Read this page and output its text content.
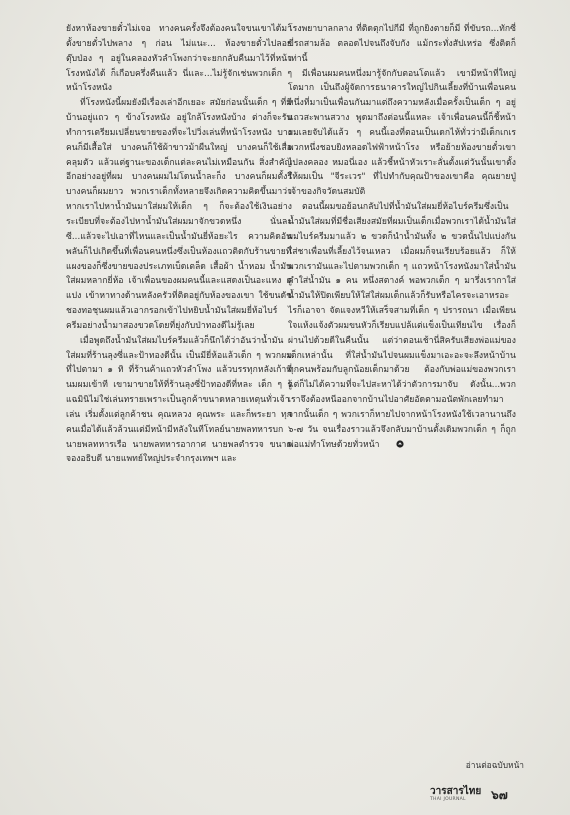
ยังหาห้องขายตั๋วไม่เจอ ทางคนครั้งจึงต้องคนใจขนเขาได้มาตั้งขายตั๋วไปพลาง ๆ ก่อน ไม่แนะ... ห้องขายตั๋วไปลอยตุ๊บป่อง ๆ อยู่ในคลองหัวลำโพงกว่าจะยกกลับคืนมาไว้ที่หน้าโรงหนังได้ ก็เกือบครึ่งคืนแล้ว นี่และ...ไม่รู้จักเช่นพวกเด็ก ๆ หน้าโรงหนัง

ที่โรงหนังนี้ผมยังมีเรื่องเล่าอีกเยอะ สมัยก่อนนั้นเด็ก ๆ ที่มีบ้านอยู่แถว ๆ ข้างโรงหนัง อยู่ใกล้โรงหนังบ้าง ต่างก็จะรับทำการเตรียมเปลี่ยนขายของที่จะไปวิ่งเล่นที่หน้าโรงหนัง บางคนก็มีเสื้อใส่ บางคนก็ใช้ผ้าขาวม้าผืนใหญ่ บางคนก็ใช้เสื่อคลุมตัว แล้วแต่ฐานะของเด็กแต่ละคนไม่เหมือนกัน สิ่งสำคัญอีกอย่างอยู่ที่ผม บางคนผมไม่โดนน้ำละก็ง บางคนก็ผมตั้งรึ บางคนก็ผมยาว พวกเราเด็กทั้งหลายจึงเกิดความคิดขึ้นมาว่าหากเราไปหาน้ำมันมาใส่ผมให้เด็ก ๆ ก็จะต้องใช้เงินอย่างระเบียบที่จะต้องไปหาน้ำมันใส่ผมมาจักขวดหนึ่ง นั่นละซี...แล้วจะไปเอาที่ไหนและเป็นน้ำมันยี่ห้อยะไร ความคิดอันพลันก็ไปเกิดขึ้นที่เพื่อนคนหนึ่งซึ่งเป็นห้องแถวติดกับร้านขายที่แผงของก็ซึ่งขายของประเภทเบ็ดเตล็ด เสื้อผ้า น้ำหอม น้ำมันใส่ผมหลากยี่ห้อ เจ้าเพื่อนของผมคนนี้และแสดงเป็นอะแหง ดูแปง เข้าหาทางด้านหลังครัวที่ติดอยู่กับห้องของเขา ใช้ขนดัชชองทอชุนผมแล้วเอากรอกเข้าไปหยิบน้ำมันใส่ผมยี่ห้อไบร์ครีมอย่างน้ำมาสองขวดโดยที่ยุ่งกับป่าทองดีไม่รู้เลย

เมื่อพูดถึงน้ำมันใส่ผมไบร์ครีมแล้วก็นึกได้ว่าอันว่าน้ำมันใส่ผมที่ร้านลุงซี่และป้าทองดีนั้น เป็นมียี่ห้อแล้วเด็ก ๆ พวกผมที่ไปตามา ๑ ทิ ที่ร้านค้าแถวหัวลำโพง แล้วบรรทุกหลังเก้าที่นมผมเข้าที เขามาขายให้ที่ร้านลุงซี่ป้าทองดีที่หละ เด็ก ๆ รู้แฉมินิไม่ใช่เล่นทรายเพราะเป็นลูกค้าขนาดหลายเหตุนทั่วเจ้าเล่น เริ่มตั้งแต่ลูกค้าชน คุณหลวง คุณพระ และก็พระยา ทุกคนเมื่อได้แล้วล้วนแต่มีหน้ามีหลังในทีโทลย์นายพลทหารบก นายพลทหารเรือ นายพลทหารอากาศ นายพลตำรวจ ขนาดจองอธิบดี นายแพทย์ใหญ่ประจำกรุงเทพฯ และ

โรงพยาบาลกลาง ที่ติดตุกไปกีมี ที่ถูกยิงตายก็มี ที่ขับรถ...ทักซี่ ขี่รถสามล้อ ตลอดไปจนถึงจับกัง แม้กระทั่งสัปเหร่อ ซึ่งติดก็เท่านี้

มีเพื่อนผมคนหนึ่งมารู้จักกับตอนโตแล้ว เขามีหน้าที่ใหญ่โตมาก เป็นถึงผู้จัดการธนาคารใหญ่ไปกินเลี้ยงที่บ้านเพื่อนคนหนึ่งที่มาเป็นเพื่อนกันมาแต่ถึงความหลังเมื่อครั้งเป็นเด็ก ๆ อยู่แถวสะพานสวาง พูดมาถึงต่อนนี้แหละ เจ้าเพื่อนคนนี้ก็ชี้หน้าผมเลยจับได้แล้ว ๆ คนนี้เองที่ตอนเป็นเดกไห้ทั่วว่ามีเด็กเกเรพวกหนึ่งชอบยิงหลอดไฟฟ้าหน้าโรง หรือย้ายห้องขายตั๋วเขาไปลงคลอง หมอนี่เอง แล้วชี้หน้าหัวเราะลั่นตั้งแต่วันนั้นเขาตั้งให้ผมเป็น "จีระเวร" ที่ไปทำกับคุณป้าของเขาคือ คุณยายปู่เจ้าของกิจวัดนสมบัติ

ตอนนี้ผมขอย้อนกลับไปที่น้ำมันใส่ผมยี่ห้อไบร์ครีมซึ่งเป็นน้ำมันใส่ผมที่มีชื่อเสียงสมัยที่ผมเป็นเด็กเมื่อพวกเราได้น้ำมันใส่ผมไบร์ครีมมาแล้ว ๒ ขวดก็นำน้ำมันทั้ง ๒ ขวดนั้นไปแบ่งกันใส่ชาเพื่อนที่เลี้ยงไว้จนเหลว เมื่อผมก็จนเรียบร้อยแล้ว ก็ให้พวกเรามันและไปตามพวกเด็ก ๆ แถวหน้าโรงหนังมาใส่น้ำมันคำใส่น้ำมัน ๑ คน หนึ่งสตางค์ พอพวกเด็ก ๆ มารึ่งเรากาใส่น้ำมันให้ปิดเพียบให้ใส่ใส่ผมเด็กแล้วก็รับหรือไครจะเอาหรอะไรก็เอาจา จัดแจงหวีให้เสร็จสามที่เด็ก ๆ ปรารถนา เมื่อเพียนใจแห้งแจ้งตัวผมขนหัวก็เรียบแปล้แต่แข็งเป็นเทียนไข เรื่องก็ผ่านไปด้วยดีในคืนนั้น แต่ว่าตอนเช้านี่สิครับเสียงพ่อแม่ของเด็กเหล่านั้น ที่ใส่น้ำมันไปจนผมแข็งมาเอะอะจะลึงหน้าบ้าน ทุกคนพร้อมกับลูกน้อยเด็กมาด้วย ต้องกับพ่อแม่ของพวกเรา แต่ก็ไม่ได้ความที่จะไปสะหาได้ว่าตัวการมาจับ ดังนั้น...พวกเราจึงต้องหนีออกจากบ้านไปอาศัยอัดตามอนัตพักเลยทำมา จากนั้นเด็ก ๆ พวกเราก็หายไปจากหน้าโรงหนังใช้เวลานานถึง ๖-๗ วัน จนเรื่องราวแล้วจึงกลับมาบ้านตั้งเดิมพวกเด็ก ๆ ก็ถูกพ่อแม่ทำโทษด้วยทั่วหน้า

อ่านต่อฉบับหน้า
วารสารไทย
THAI JOURNAL ๖๗
